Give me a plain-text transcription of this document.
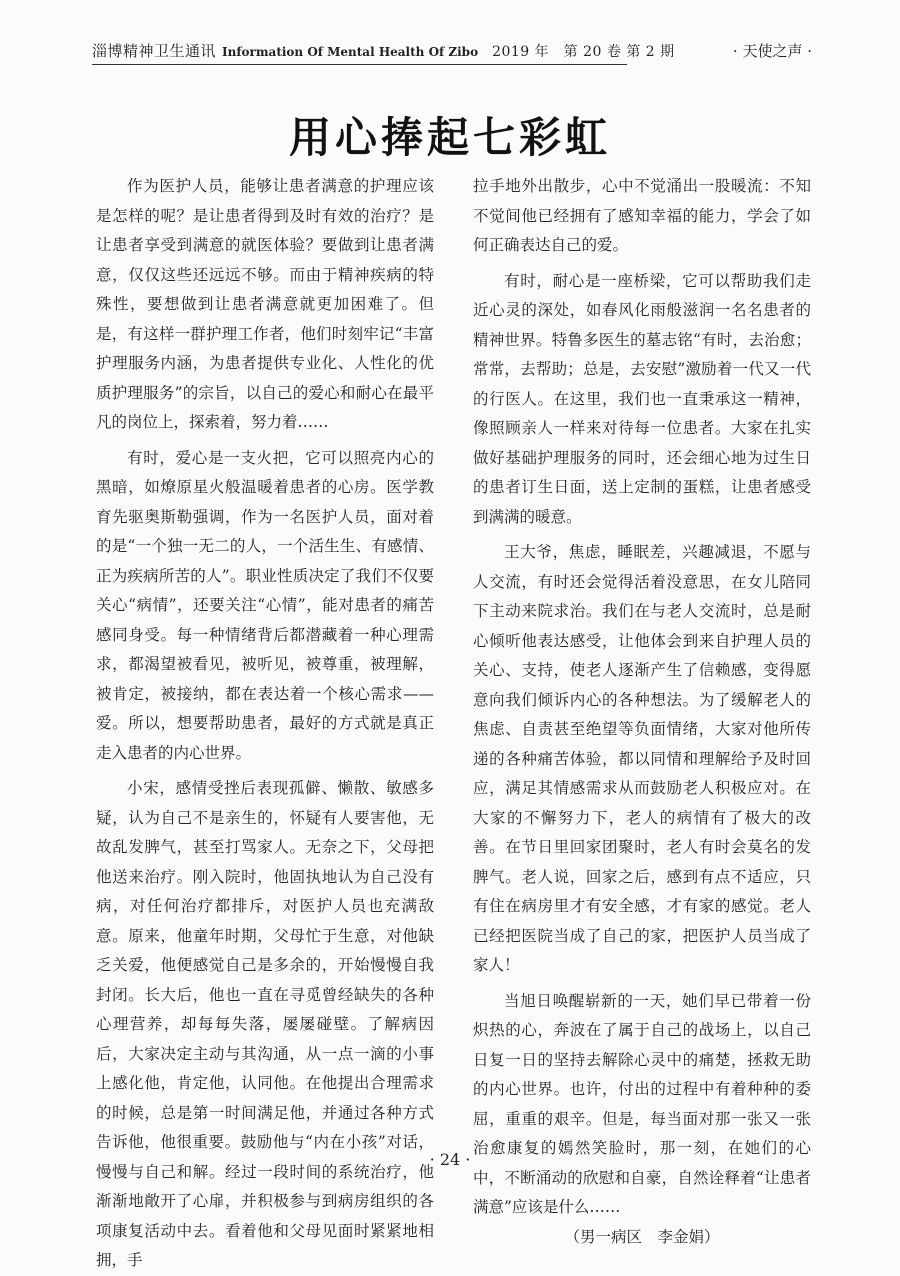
淄博精神卫生通讯 Information Of Mental Health Of Zibo 2019 年　第 20 卷 第 2 期	· 天使之声 ·
用心捧起七彩虹

作为医护人员，能够让患者满意的护理应该是怎样的呢？是让患者得到及时有效的治疗？是让患者享受到满意的就医体验？要做到让患者满意，仅仅这些还远远不够。而由于精神疾病的特殊性，要想做到让患者满意就更加困难了。但是，有这样一群护理工作者，他们时刻牢记“丰富护理服务内涵，为患者提供专业化、人性化的优质护理服务”的宗旨，以自己的爱心和耐心在最平凡的岗位上，探索着，努力着……

有时，爱心是一支火把，它可以照亮内心的黑暗，如燎原星火般温暖着患者的心房。医学教育先驱奥斯勒强调，作为一名医护人员，面对着的是“一个独一无二的人，一个活生生、有感情、正为疾病所苦的人”。职业性质决定了我们不仅要关心“病情”，还要关注“心情”，能对患者的痛苦感同身受。每一种情绪背后都潜藏着一种心理需求，都渴望被看见，被听见，被尊重，被理解，被肯定，被接纳，都在表达着一个核心需求——爱。所以，想要帮助患者，最好的方式就是真正走入患者的内心世界。

小宋，感情受挫后表现孤僻、懒散、敏感多疑，认为自己不是亲生的，怀疑有人要害他，无故乱发脾气，甚至打骂家人。无奈之下，父母把他送来治疗。刚入院时，他固执地认为自己没有病，对任何治疗都排斥，对医护人员也充满敌意。原来，他童年时期，父母忙于生意，对他缺乏关爱，他便感觉自己是多余的，开始慢慢自我封闭。长大后，他也一直在寻觅曾经缺失的各种心理营养，却每每失落，屡屡碰壁。了解病因后，大家决定主动与其沟通，从一点一滴的小事上感化他，肯定他，认同他。在他提出合理需求的时候，总是第一时间满足他，并通过各种方式告诉他，他很重要。鼓励他与“内在小孩”对话，慢慢与自己和解。经过一段时间的系统治疗，他渐渐地敞开了心扉，并积极参与到病房组织的各项康复活动中去。看着他和父母见面时紧紧地相拥，手

拉手地外出散步，心中不觉涌出一股暖流：不知不觉间他已经拥有了感知幸福的能力，学会了如何正确表达自己的爱。

有时，耐心是一座桥梁，它可以帮助我们走近心灵的深处，如春风化雨般滋润一名名患者的精神世界。特鲁多医生的墓志铭“有时，去治愈；常常，去帮助；总是，去安慰”激励着一代又一代的行医人。在这里，我们也一直秉承这一精神，像照顾亲人一样来对待每一位患者。大家在扎实做好基础护理服务的同时，还会细心地为过生日的患者订生日面，送上定制的蛋糕，让患者感受到满满的暖意。

王大爷，焦虑，睡眠差，兴趣减退，不愿与人交流，有时还会觉得活着没意思，在女儿陪同下主动来院求治。我们在与老人交流时，总是耐心倾听他表达感受，让他体会到来自护理人员的关心、支持，使老人逐渐产生了信赖感，变得愿意向我们倾诉内心的各种想法。为了缓解老人的焦虑、自责甚至绝望等负面情绪，大家对他所传递的各种痛苦体验，都以同情和理解给予及时回应，满足其情感需求从而鼓励老人积极应对。在大家的不懈努力下，老人的病情有了极大的改善。在节日里回家团聚时，老人有时会莫名的发脾气。老人说，回家之后，感到有点不适应，只有住在病房里才有安全感，才有家的感觉。老人已经把医院当成了自己的家，把医护人员当成了家人！

当旭日唤醒崭新的一天，她们早已带着一份炽热的心，奔波在了属于自己的战场上，以自己日复一日的坚持去解除心灵中的痛楚，拯救无助的内心世界。也许，付出的过程中有着种种的委屈，重重的艰辛。但是，每当面对那一张又一张治愈康复的嫣然笑脸时，那一刻，在她们的心中，不断涌动的欣慰和自豪，自然诠释着“让患者满意”应该是什么……

（男一病区　李金娟）

· 24 ·
